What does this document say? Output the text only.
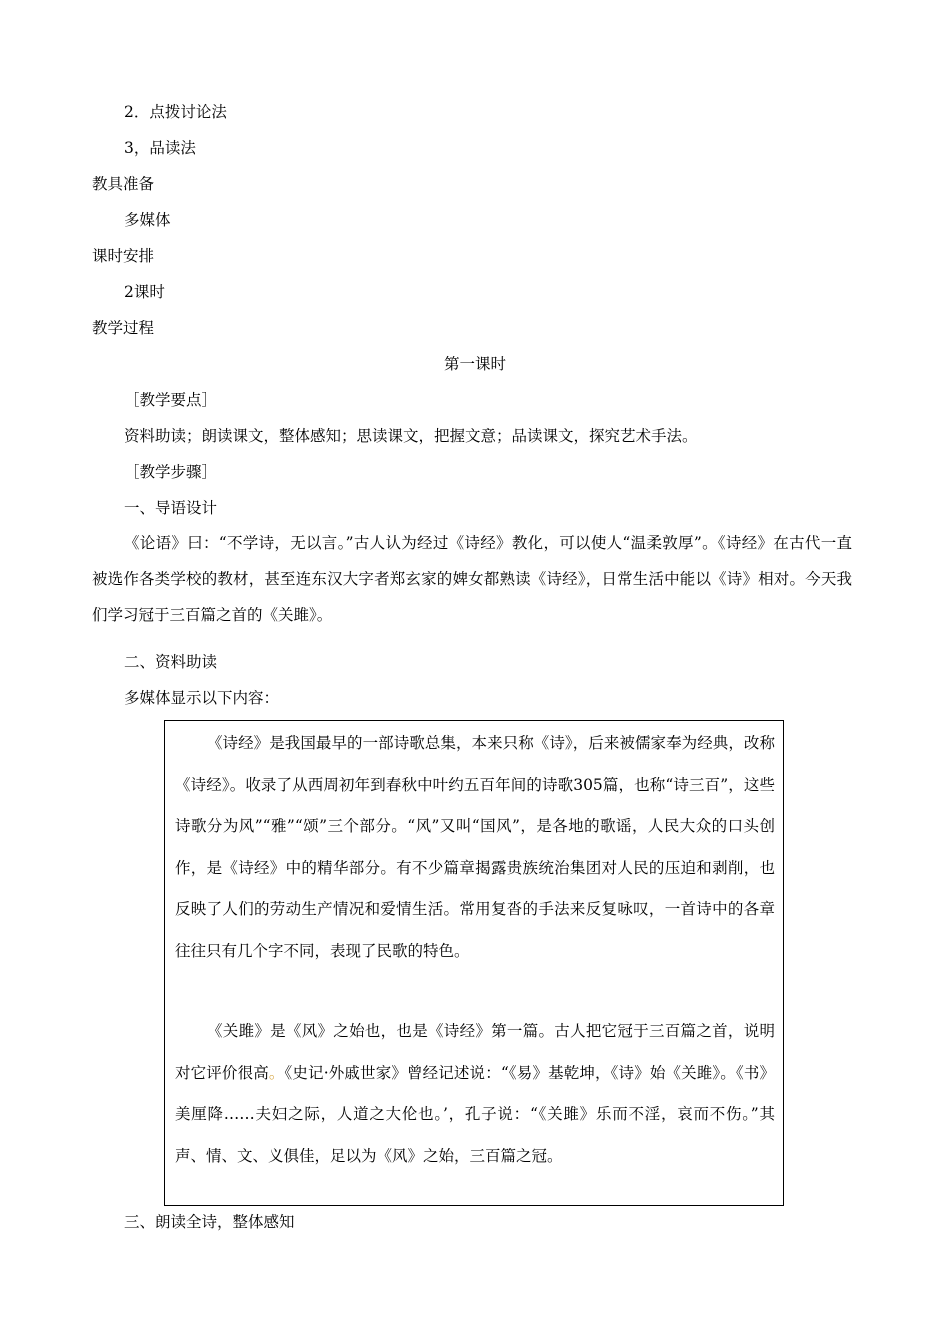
2．点拨讨论法
3，品读法
教具准备
多媒体
课时安排
2课时
教学过程
第一课时
［教学要点］
资料助读；朗读课文，整体感知；思读课文，把握文意；品读课文，探究艺术手法。
［教学步骤］
一、导语设计
《论语》曰：“不学诗，无以言。”古人认为经过《诗经》教化，可以使人“温柔敦厚”。《诗经》在古代一直被选作各类学校的教材，甚至连东汉大字者郑玄家的婢女都熟读《诗经》，日常生活中能以《诗》相对。今天我们学习冠于三百篇之首的《关雎》。
二、资料助读
多媒体显示以下内容：
《诗经》是我国最早的一部诗歌总集，本来只称《诗》，后来被儒家奉为经典，改称《诗经》。收录了从西周初年到春秋中叶约五百年间的诗歌305篇，也称“诗三百”，这些诗歌分为风”“雅”“颂”三个部分。“风”又叫“国风”，是各地的歌谣，人民大众的口头创作，是《诗经》中的精华部分。有不少篇章揭露贵族统治集团对人民的压迫和剥削，也反映了人们的劳动生产情况和爱情生活。常用复沓的手法来反复咏叹，一首诗中的各章往往只有几个字不同，表现了民歌的特色。
《关雎》是《风》之始也，也是《诗经》第一篇。古人把它冠于三百篇之首，说明对它评价很高。《史记·外戚世家》曾经记述说：“《易》基乾坤，《诗》始《关雎》。《书》美厘降……夫妇之际，人道之大伦也。’，孔子说：“《关雎》乐而不淫，哀而不伤。”其声、情、文、义俱佳，足以为《风》之始，三百篇之冠。
三、朗读全诗，整体感知
